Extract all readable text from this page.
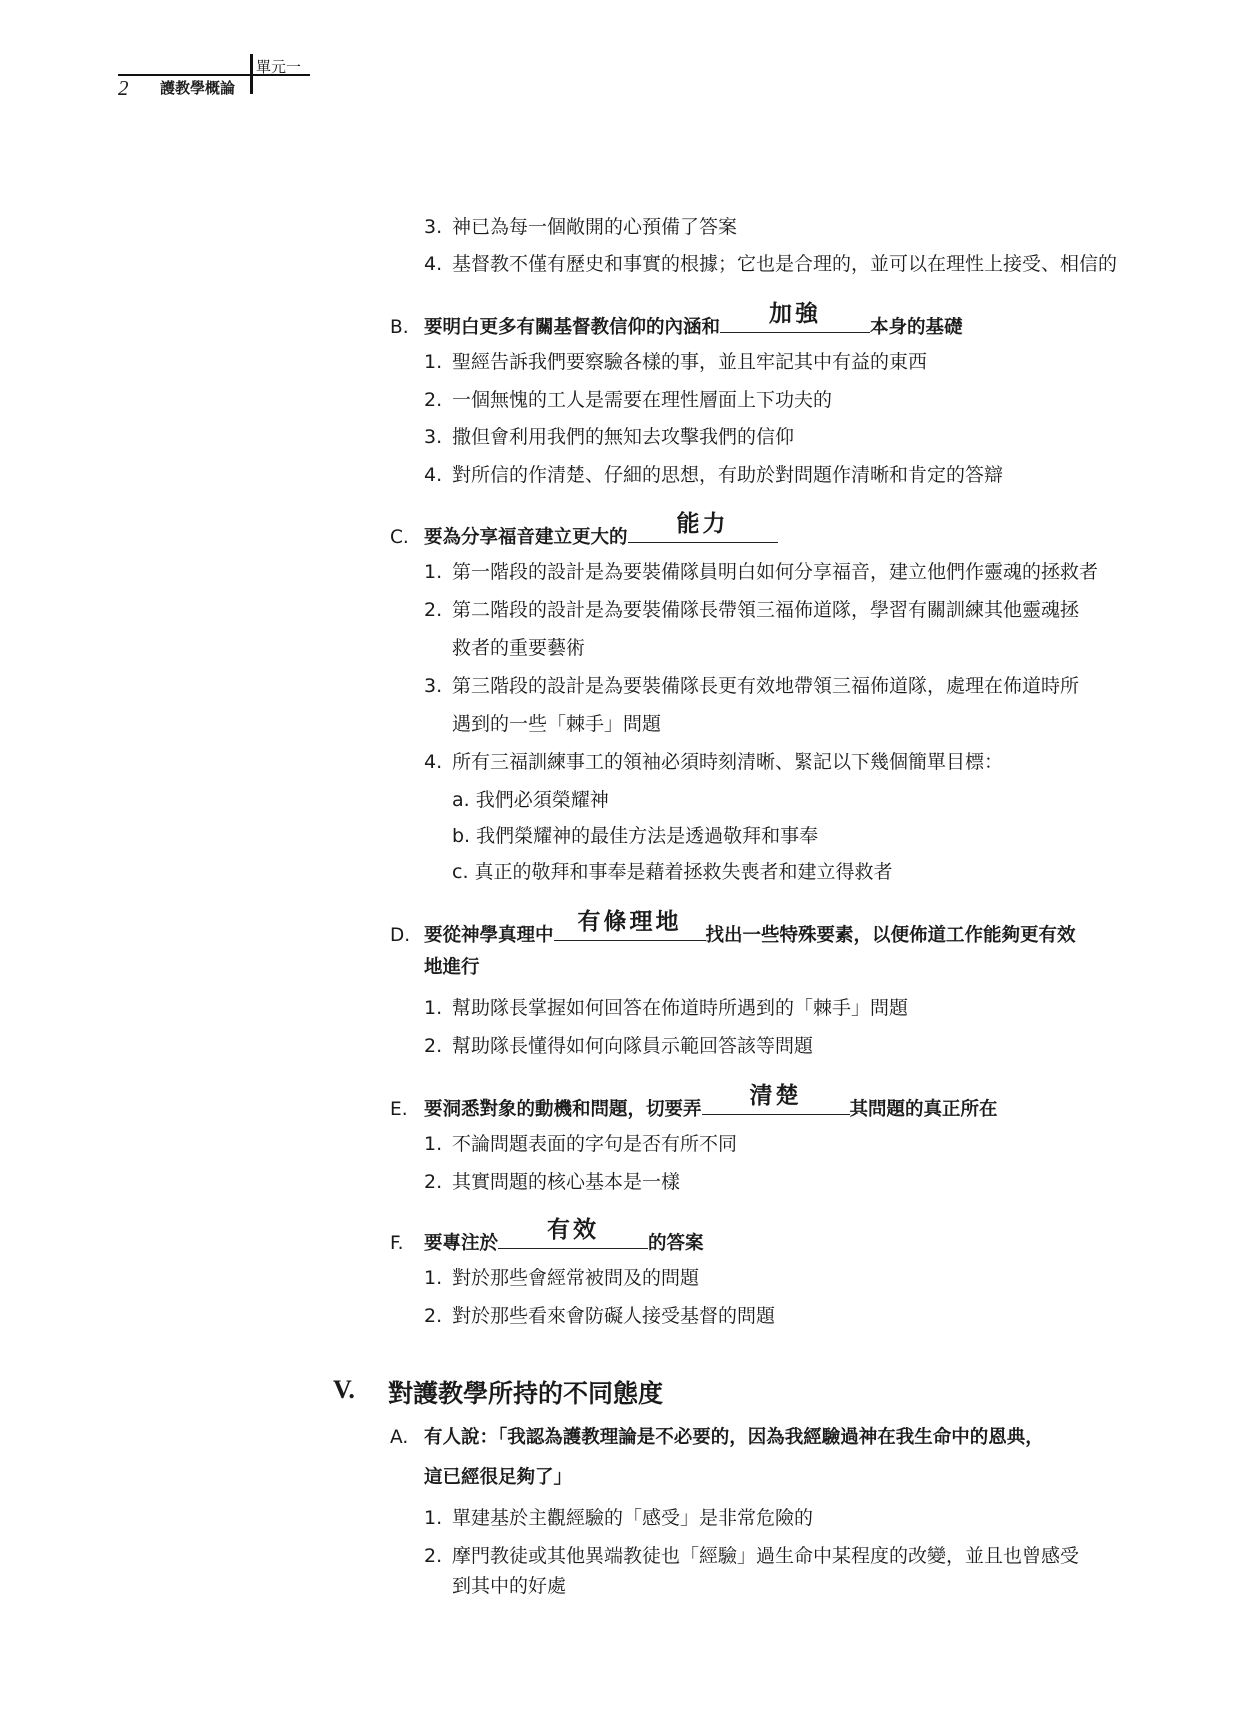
2 護教學概論
單元一
3. 神已為每一個敞開的心預備了答案
4. 基督教不僅有歷史和事實的根據；它也是合理的，並可以在理性上接受、相信的
B. 要明白更多有關基督教信仰的內涵和
加強
本身的基礎
1. 聖經告訴我們要察驗各樣的事，並且牢記其中有益的東西
2. 一個無愧的工人是需要在理性層面上下功夫的
3. 撒但會利用我們的無知去攻擊我們的信仰
4. 對所信的作清楚、仔細的思想，有助於對問題作清晰和肯定的答辯
C. 要為分享福音建立更大的
能力
1. 第一階段的設計是為要裝備隊員明白如何分享福音，建立他們作靈魂的拯救者
2. 第二階段的設計是為要裝備隊長帶領三福佈道隊，學習有關訓練其他靈魂拯
救者的重要藝術
3. 第三階段的設計是為要裝備隊長更有效地帶領三福佈道隊，處理在佈道時所
遇到的一些「棘手」問題
4. 所有三福訓練事工的領袖必須時刻清晰、緊記以下幾個簡單目標：
a. 我們必須榮耀神
b. 我們榮耀神的最佳方法是透過敬拜和事奉
c. 真正的敬拜和事奉是藉着拯救失喪者和建立得救者
D. 要從神學真理中
有條理地
找出一些特殊要素，以便佈道工作能夠更有效
地進行
1. 幫助隊長掌握如何回答在佈道時所遇到的「棘手」問題
2. 幫助隊長懂得如何向隊員示範回答該等問題
E. 要洞悉對象的動機和問題，切要弄
清楚
其問題的真正所在
1. 不論問題表面的字句是否有所不同
2. 其實問題的核心基本是一樣
F. 要專注於
有效
的答案
1. 對於那些會經常被問及的問題
2. 對於那些看來會防礙人接受基督的問題
V. 對護教學所持的不同態度
A. 有人說：「我認為護教理論是不必要的，因為我經驗過神在我生命中的恩典，
這已經很足夠了」
1. 單建基於主觀經驗的「感受」是非常危險的
2. 摩門教徒或其他異端教徒也「經驗」過生命中某程度的改變，並且也曾感受
到其中的好處
